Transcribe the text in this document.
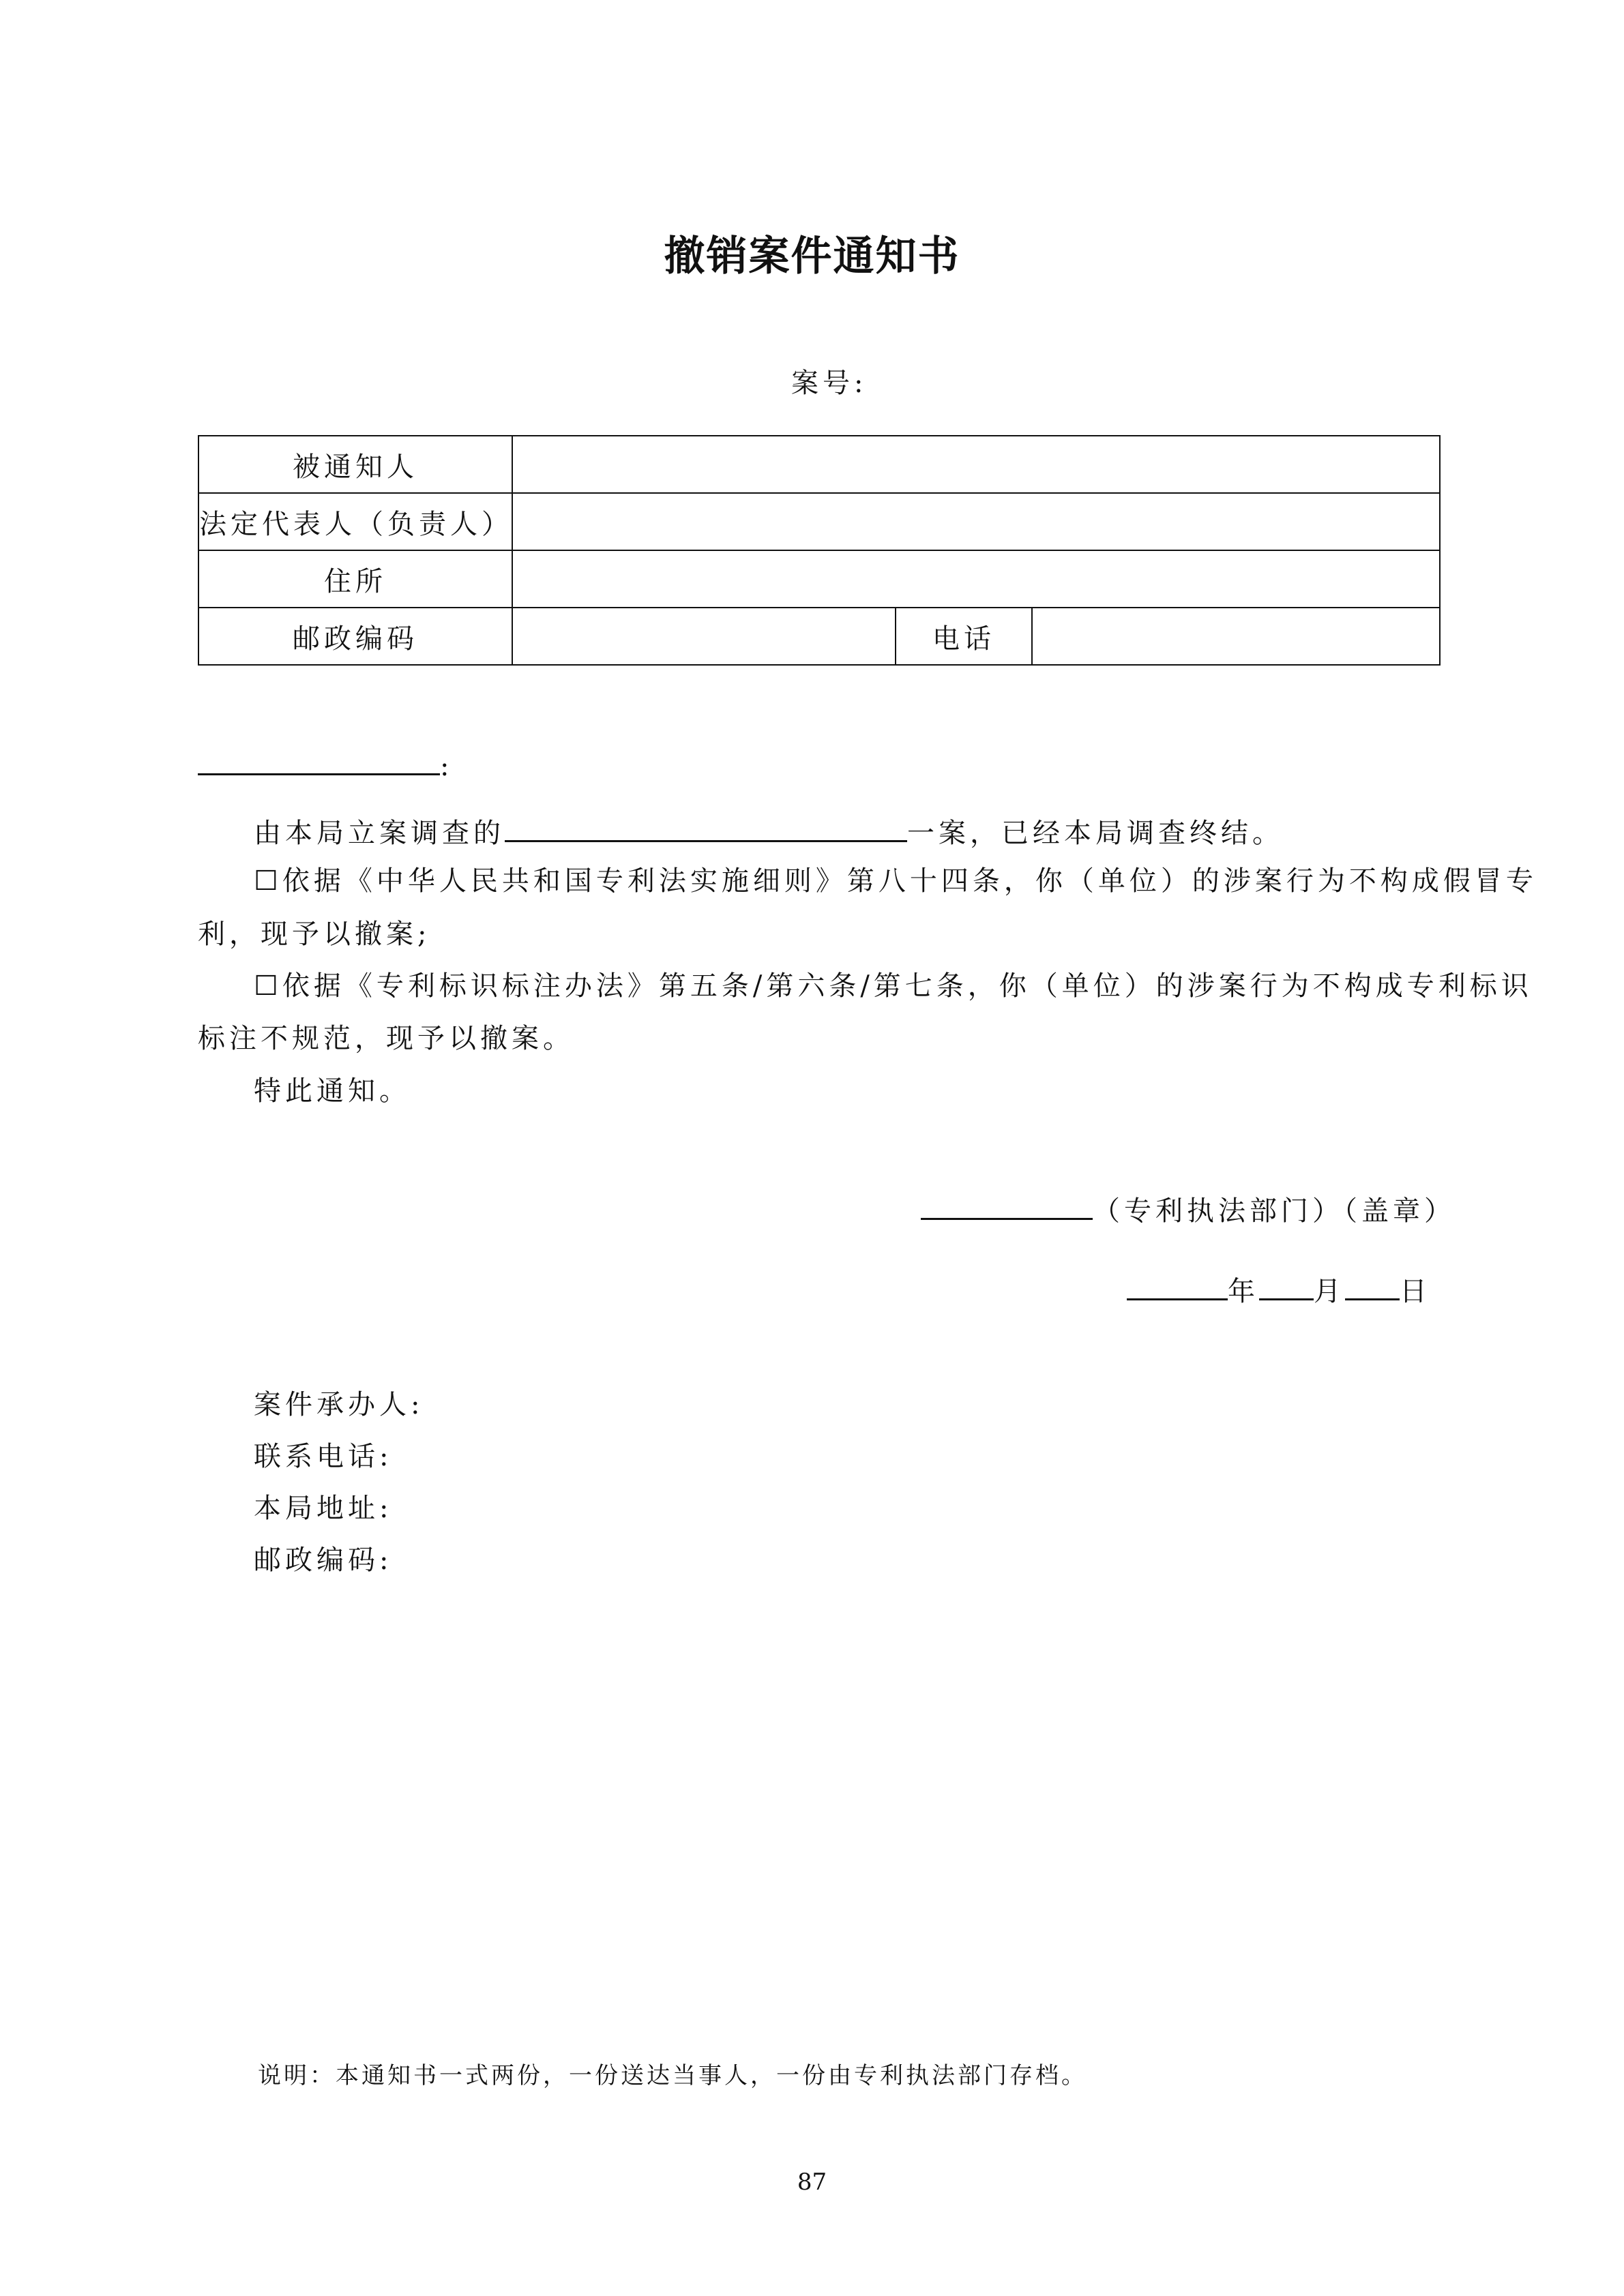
撤销案件通知书
案号:
被通知人			
法定代表人（负责人）			
住所			
邮政编码		电话	
:
由本局立案调查的	一案，已经本局调查终结。
☐依据《中华人民共和国专利法实施细则》第八十四条，你（单位）的涉案行为不构成假冒专
利，现予以撤案;
☐依据《专利标识标注办法》第五条/第六条/第七条，你（单位）的涉案行为不构成专利标识
标注不规范，现予以撤案。
特此通知。
（专利执法部门）（盖章）
年 月 日
案件承办人:
联系电话:
本局地址:
邮政编码:
说明：本通知书一式两份，一份送达当事人，一份由专利执法部门存档。
87
